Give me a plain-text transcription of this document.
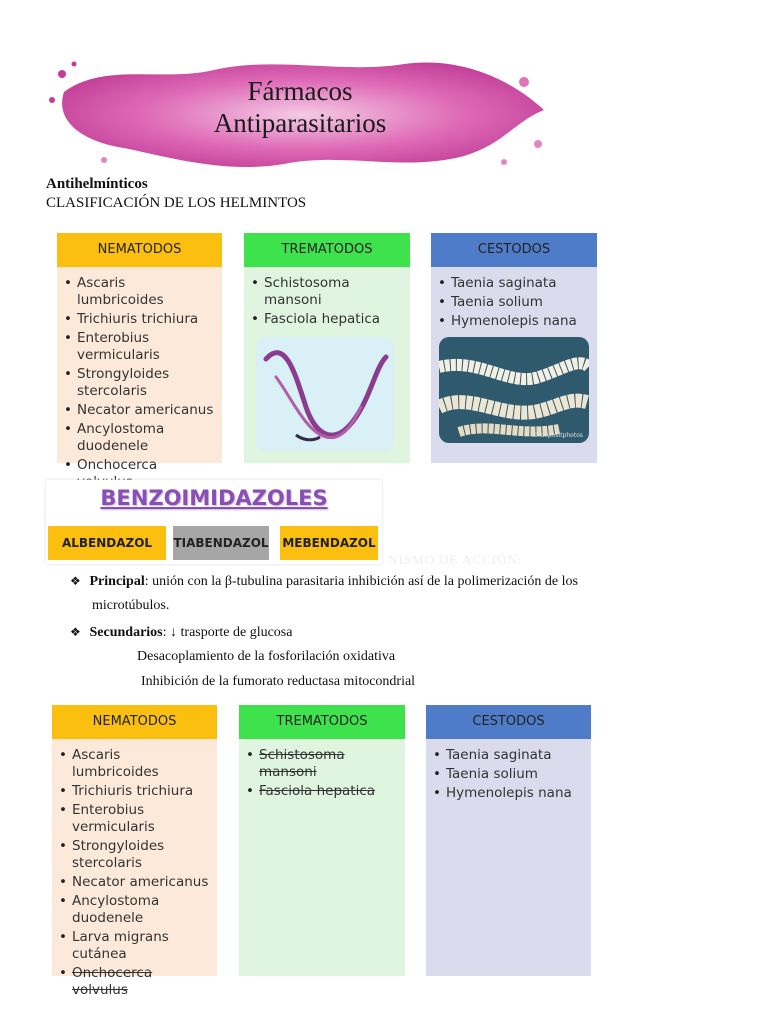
Fármacos
Antiparasitarios
Antihelmínticos
CLASIFICACIÓN DE LOS HELMINTOS
NEMATODOS
• Ascaris lumbricoides
• Trichiuris trichiura
• Enterobius vermicularis
• Strongyloides stercolaris
• Necator americanus
• Ancylostoma duodenele
• Onchocerca
TREMATODOS
• Schistosoma mansoni
• Fasciola hepatica
CESTODOS
• Taenia saginata
• Taenia solium
• Hymenolepis nana
© depositphotos
BENZOIMIDAZOLES
ALBENDAZOL	TIABENDAZOL MEBENDAZOL
NISMO DE ACCIÓN:
❖ Principal: unión con la β-tubulina parasitaria inhibición así de la polimerización de los
microtúbulos.
❖ Secundarios: ↓ trasporte de glucosa
Desacoplamiento de la fosforilación oxidativa
Inhibición de la fumorato reductasa mitocondrial
NEMATODOS
• Ascaris lumbricoides
• Trichiuris trichiura
• Enterobius vermicularis
• Strongyloides stercolaris
• Necator americanus
• Ancylostoma duodenele
• Larva migrans cutánea
• Onchocerca volvulus
TREMATODOS
• Schistosoma mansoni
• Fasciola hepatica
CESTODOS
• Taenia saginata
• Taenia solium
• Hymenolepis nana
